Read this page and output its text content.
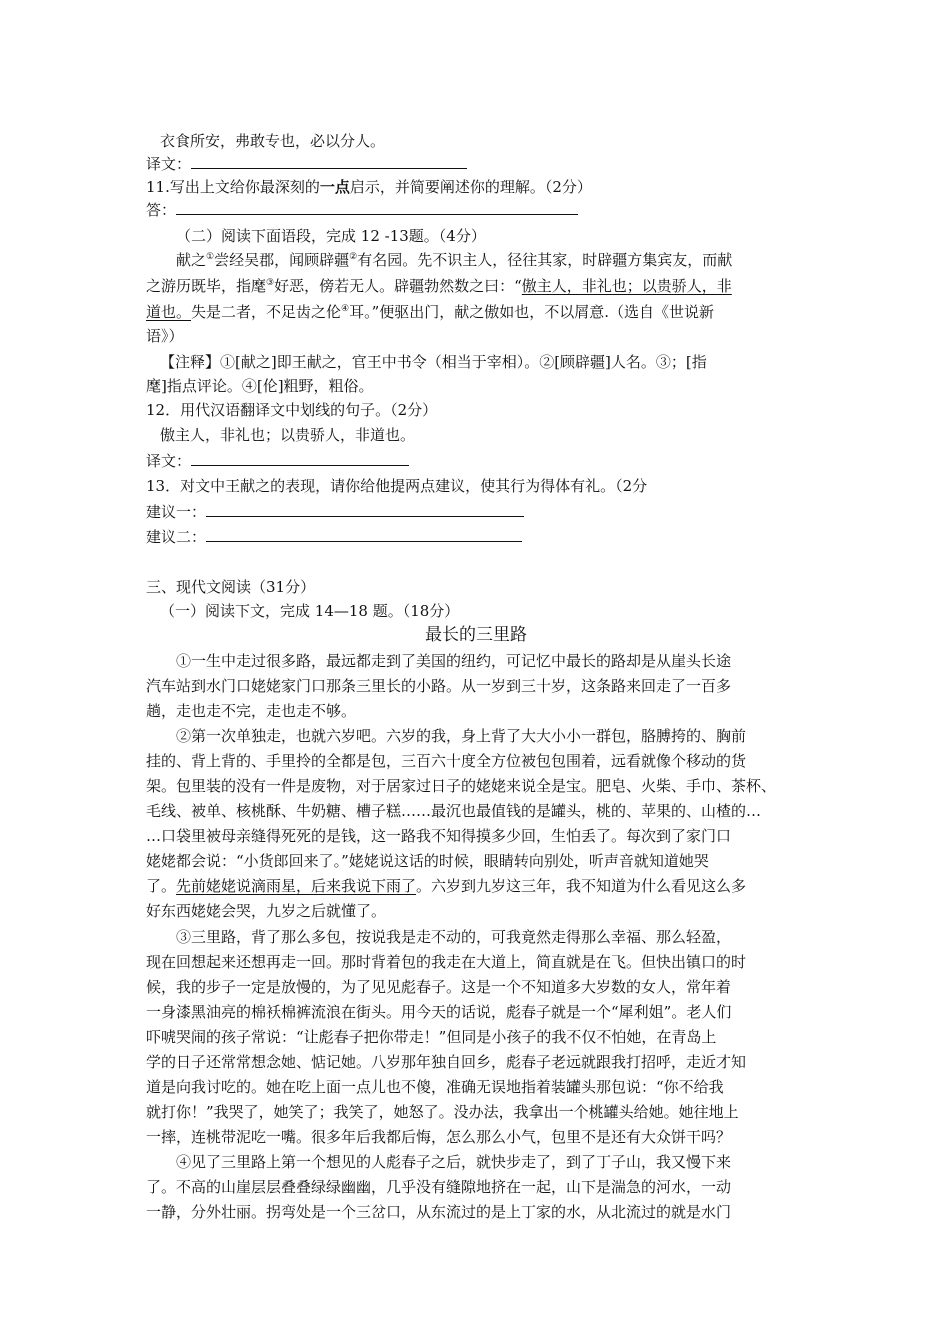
衣食所安，弗敢专也，必以分人。
译文：
11.写出上文给你最深刻的一点启示，并简要阐述你的理解。（2分）
答：
（二）阅读下面语段，完成 12 -13题。（4分）
献之①尝经吴郡，闻顾辟疆②有名园。先不识主人，径往其家，时辟疆方集宾友，而献
之游历既毕，指麾③好恶，傍若无人。辟疆勃然数之曰：“傲主人，非礼也；以贵骄人，非
道也。失是二者，不足齿之伦④耳。”便驱出门，献之傲如也，不以屑意.（选自《世说新
语》）
【注释】①[献之]即王献之，官王中书令（相当于宰相）。②[顾辟疆]人名。③；[指
麾]指点评论。④[伦]粗野，粗俗。
12．用代汉语翻译文中划线的句子。（2分）
傲主人，非礼也；以贵骄人，非道也。
译文：
13．对文中王献之的表现，请你给他提两点建议，使其行为得体有礼。（2分
建议一：
建议二：
三、现代文阅读（31分）
（一）阅读下文，完成 14—18 题。（18分）
最长的三里路
①一生中走过很多路，最远都走到了美国的纽约，可记忆中最长的路却是从崖头长途
汽车站到水门口姥姥家门口那条三里长的小路。从一岁到三十岁，这条路来回走了一百多
趟，走也走不完，走也走不够。
②第一次单独走，也就六岁吧。六岁的我，身上背了大大小小一群包，胳膊挎的、胸前
挂的、背上背的、手里拎的全都是包，三百六十度全方位被包包围着，远看就像个移动的货
架。包里装的没有一件是废物，对于居家过日子的姥姥来说全是宝。肥皂、火柴、手巾、茶杯、
毛线、被单、核桃酥、牛奶糖、槽子糕……最沉也最值钱的是罐头，桃的、苹果的、山楂的…
…口袋里被母亲缝得死死的是钱，这一路我不知得摸多少回，生怕丢了。每次到了家门口
姥姥都会说：“小货郎回来了。”姥姥说这话的时候，眼睛转向别处，听声音就知道她哭
了。先前姥姥说滴雨星，后来我说下雨了。六岁到九岁这三年，我不知道为什么看见这么多
好东西姥姥会哭，九岁之后就懂了。
③三里路，背了那么多包，按说我是走不动的，可我竟然走得那么幸福、那么轻盈，
现在回想起来还想再走一回。那时背着包的我走在大道上，简直就是在飞。但快出镇口的时
候，我的步子一定是放慢的，为了见见彪春子。这是一个不知道多大岁数的女人，常年着
一身漆黑油亮的棉袄棉裤流浪在街头。用今天的话说，彪春子就是一个“犀利姐”。老人们
吓唬哭闹的孩子常说：“让彪春子把你带走！”但同是小孩子的我不仅不怕她，在青岛上
学的日子还常常想念她、惦记她。八岁那年独自回乡，彪春子老远就跟我打招呼，走近才知
道是向我讨吃的。她在吃上面一点儿也不傻，准确无误地指着装罐头那包说：“你不给我
就打你！”我哭了，她笑了；我笑了，她怒了。没办法，我拿出一个桃罐头给她。她往地上
一摔，连桃带泥吃一嘴。很多年后我都后悔，怎么那么小气，包里不是还有大众饼干吗？
④见了三里路上第一个想见的人彪春子之后，就快步走了，到了丁子山，我又慢下来
了。不高的山崖层层叠叠绿绿幽幽，几乎没有缝隙地挤在一起，山下是湍急的河水，一动
一静，分外壮丽。拐弯处是一个三岔口，从东流过的是上丁家的水，从北流过的就是水门
